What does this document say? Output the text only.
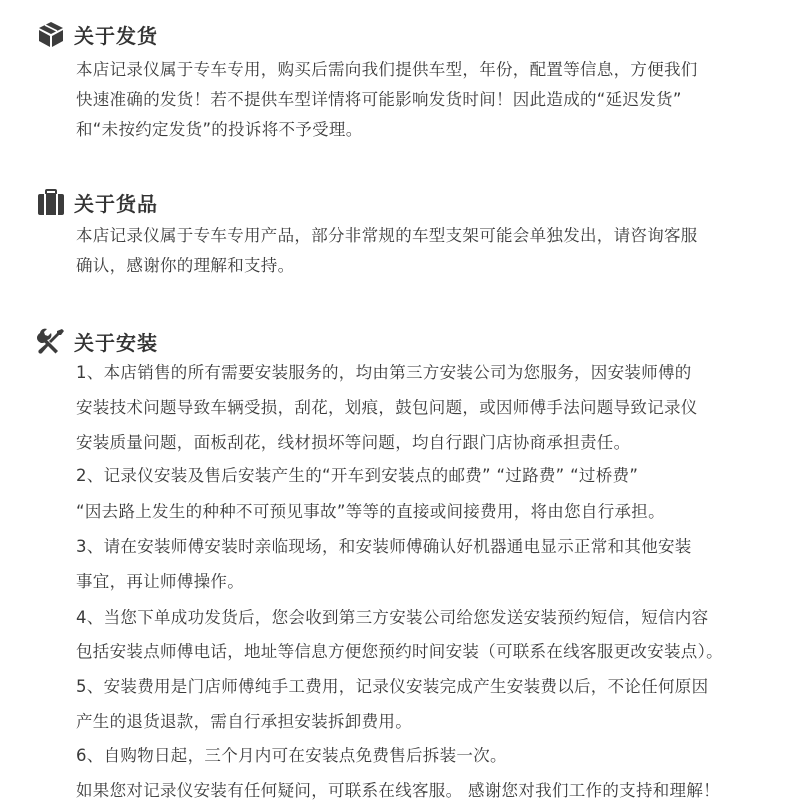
关于发货
本店记录仪属于专车专用，购买后需向我们提供车型，年份，配置等信息，方便我们
快速准确的发货！若不提供车型详情将可能影响发货时间！因此造成的“延迟发货”
和“未按约定发货”的投诉将不予受理。
关于货品
本店记录仪属于专车专用产品，部分非常规的车型支架可能会单独发出，请咨询客服
确认，感谢你的理解和支持。
关于安装
1、本店销售的所有需要安装服务的，均由第三方安装公司为您服务，因安装师傅的
安装技术问题导致车辆受损，刮花，划痕，鼓包问题，或因师傅手法问题导致记录仪
安装质量问题，面板刮花，线材损坏等问题，均自行跟门店协商承担责任。
2、记录仪安装及售后安装产生的“开车到安装点的邮费” “过路费” “过桥费”
“因去路上发生的种种不可预见事故”等等的直接或间接费用，将由您自行承担。
3、请在安装师傅安装时亲临现场，和安装师傅确认好机器通电显示正常和其他安装
事宜，再让师傅操作。
4、当您下单成功发货后，您会收到第三方安装公司给您发送安装预约短信，短信内容
包括安装点师傅电话，地址等信息方便您预约时间安装（可联系在线客服更改安装点）。
5、安装费用是门店师傅纯手工费用，记录仪安装完成产生安装费以后，不论任何原因
产生的退货退款，需自行承担安装拆卸费用。
6、自购物日起，三个月内可在安装点免费售后拆装一次。
如果您对记录仪安装有任何疑问，可联系在线客服。 感谢您对我们工作的支持和理解！
